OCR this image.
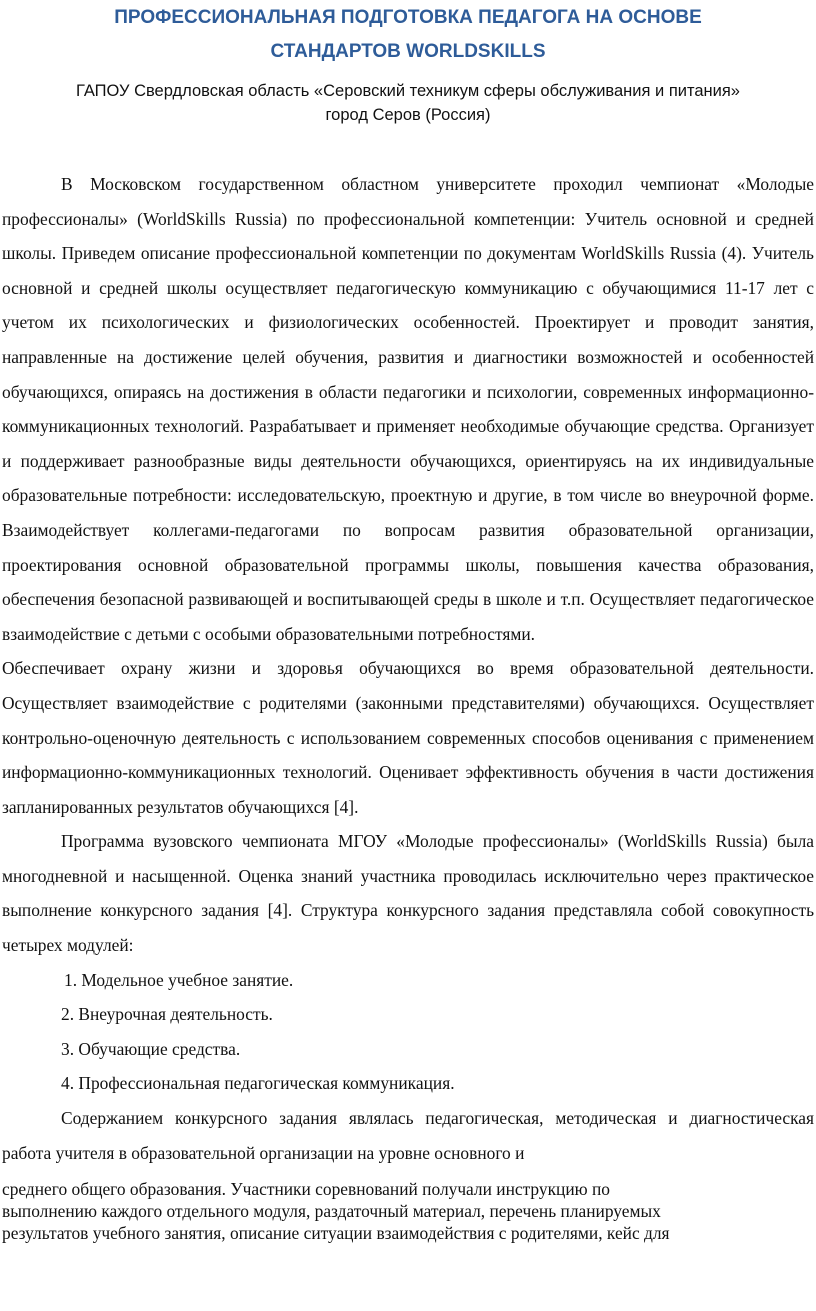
ПРОФЕССИОНАЛЬНАЯ ПОДГОТОВКА ПЕДАГОГА НА ОСНОВЕ
СТАНДАРТОВ WORLDSKILLS
ГАПОУ Свердловская область «Серовский техникум сферы обслуживания и питания»
город Серов (Россия)

В Московском государственном областном университете проходил чемпионат «Молодые профессионалы» (WorldSkills Russia) по профессиональной компетенции: Учитель основной и средней школы. Приведем описание профессиональной компетенции по документам WorldSkills Russia (4). Учитель основной и средней школы осуществляет педагогическую коммуникацию с обучающимися 11-17 лет с учетом их психологических и физиологических особенностей. Проектирует и проводит занятия, направленные на достижение целей обучения, развития и диагностики возможностей и особенностей обучающихся, опираясь на достижения в области педагогики и психологии, современных информационно-коммуникационных технологий. Разрабатывает и применяет необходимые обучающие средства. Организует и поддерживает разнообразные виды деятельности обучающихся, ориентируясь на их индивидуальные образовательные потребности: исследовательскую, проектную и другие, в том числе во внеурочной форме. Взаимодействует коллегами-педагогами по вопросам развития образовательной организации, проектирования основной образовательной программы школы, повышения качества образования, обеспечения безопасной развивающей и воспитывающей среды в школе и т.п. Осуществляет педагогическое взаимодействие с детьми с особыми образовательными потребностями.

Обеспечивает охрану жизни и здоровья обучающихся во время образовательной деятельности. Осуществляет взаимодействие с родителями (законными представителями) обучающихся. Осуществляет контрольно-оценочную деятельность с использованием современных способов оценивания с применением информационно-коммуникационных технологий. Оценивает эффективность обучения в части достижения запланированных результатов обучающихся [4].

Программа вузовского чемпионата МГОУ «Молодые профессионалы» (WorldSkills Russia) была многодневной и насыщенной. Оценка знаний участника проводилась исключительно через практическое выполнение конкурсного задания [4]. Структура конкурсного задания представляла собой совокупность четырех модулей:

1. Модельное учебное занятие.

2. Внеурочная деятельность.

3. Обучающие средства.

4. Профессиональная педагогическая коммуникация.

Содержанием конкурсного задания являлась педагогическая, методическая и диагностическая работа учителя в образовательной организации на уровне основного и

среднего общего образования. Участники соревнований получали инструкцию по

выполнению каждого отдельного модуля, раздаточный материал, перечень планируемых

результатов учебного занятия, описание ситуации взаимодействия с родителями, кейс для
